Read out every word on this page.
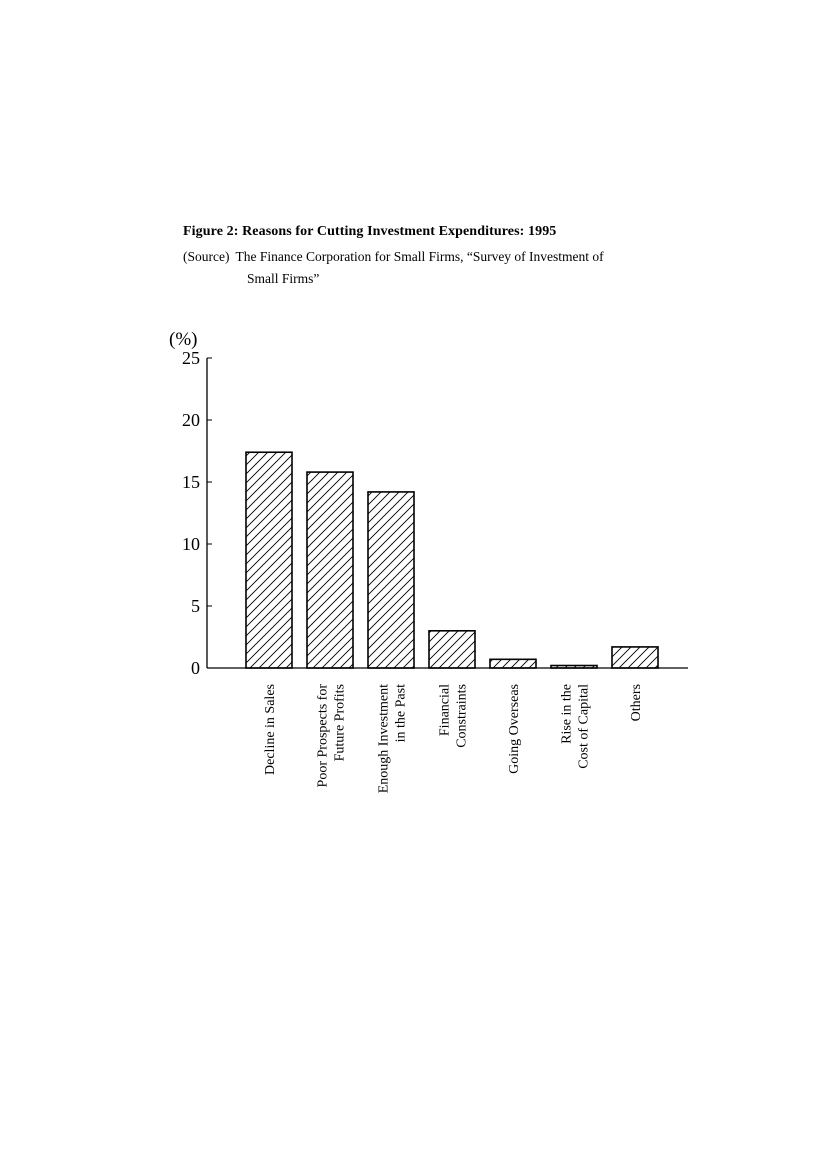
Figure 2: Reasons for Cutting Investment Expenditures: 1995

(Source) The Finance Corporation for Small Firms, “Survey of Investment of
Small Firms”

0
5
10
15
20
25
(%)
Decline in Sales	Poor Prospects for Future Profits Enough Investment in the Past Financial Constraints	Going Overseas	Rise in the Cost of Capital	Others
